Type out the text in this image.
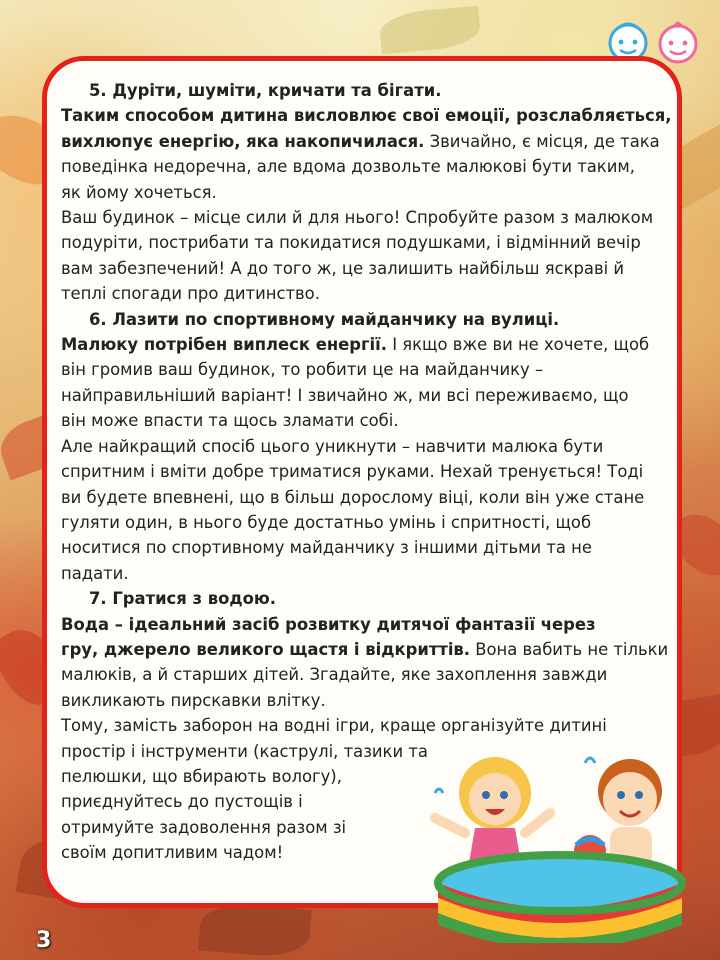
5. Дуріти, шуміти, кричати та бігати.

Таким способом дитина висловлює свої емоції, розслабляється,

вихлюпує енергію, яка накопичилася. Звичайно, є місця, де така

поведінка недоречна, але вдома дозвольте малюкові бути таким,

як йому хочеться.

Ваш будинок – місце сили й для нього! Спробуйте разом з малюком

подуріти, пострибати та покидатися подушками, і відмінний вечір

вам забезпечений! А до того ж, це залишить найбільш яскраві й

теплі спогади про дитинство.

6. Лазити по спортивному майданчику на вулиці.

Малюку потрібен виплеск енергії. І якщо вже ви не хочете, щоб

він громив ваш будинок, то робити це на майданчику –

найправильніший варіант! І звичайно ж, ми всі переживаємо, що

він може впасти та щось зламати собі.

Але найкращий спосіб цього уникнути – навчити малюка бути

спритним і вміти добре триматися руками. Нехай тренується! Тоді

ви будете впевнені, що в більш дорослому віці, коли він уже стане

гуляти один, в нього буде достатньо умінь і спритності, щоб

носитися по спортивному майданчику з іншими дітьми та не

падати.

7. Гратися з водою.

Вода – ідеальний засіб розвитку дитячої фантазії через

гру, джерело великого щастя і відкриттів. Вона вабить не тільки

малюків, а й старших дітей. Згадайте, яке захоплення завжди

викликають пирскавки влітку.

Тому, замість заборон на водні ігри, краще організуйте дитині

простір і інструменти (каструлі, тазики та

пелюшки, що вбирають вологу),

приєднуйтесь до пустощів і

отримуйте задоволення разом зі

своїм допитливим чадом!

3
